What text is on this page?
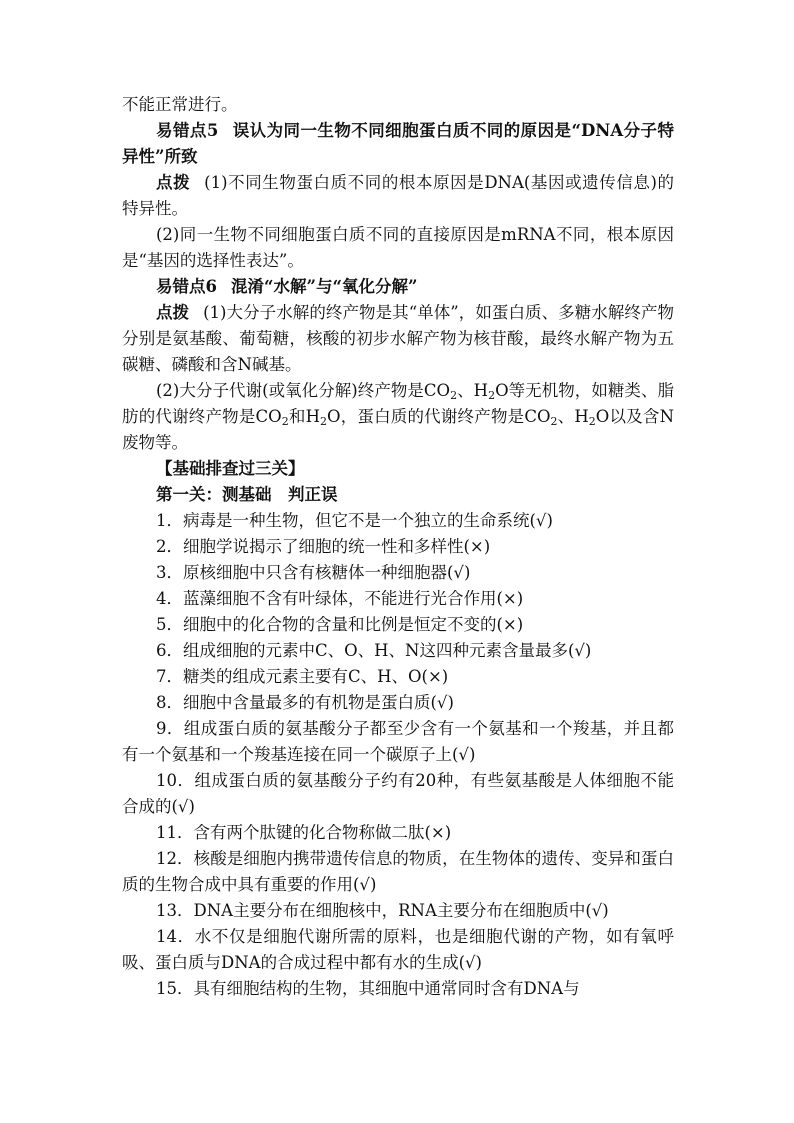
不能正常进行。

易错点5 误认为同一生物不同细胞蛋白质不同的原因是“DNA分子特异性”所致

点拨 (1)不同生物蛋白质不同的根本原因是DNA(基因或遗传信息)的特异性。

(2)同一生物不同细胞蛋白质不同的直接原因是mRNA不同，根本原因是“基因的选择性表达”。

易错点6 混淆“水解”与“氧化分解”

点拨 (1)大分子水解的终产物是其“单体”，如蛋白质、多糖水解终产物分别是氨基酸、葡萄糖，核酸的初步水解产物为核苷酸，最终水解产物为五碳糖、磷酸和含N碱基。

(2)大分子代谢(或氧化分解)终产物是$CO_2$、$H_2O$等无机物，如糖类、脂肪的代谢终产物是$CO_2$和$H_2O$，蛋白质的代谢终产物是$CO_2$、$H_2O$以及含N废物等。

【基础排查过三关】

第一关：测基础　判正误

1．病毒是一种生物，但它不是一个独立的生命系统(√)

2．细胞学说揭示了细胞的统一性和多样性(×)

3．原核细胞中只含有核糖体一种细胞器(√)

4．蓝藻细胞不含有叶绿体，不能进行光合作用(×)

5．细胞中的化合物的含量和比例是恒定不变的(×)

6．组成细胞的元素中C、O、H、N这四种元素含量最多(√)

7．糖类的组成元素主要有C、H、O(×)

8．细胞中含量最多的有机物是蛋白质(√)

9．组成蛋白质的氨基酸分子都至少含有一个氨基和一个羧基，并且都有一个氨基和一个羧基连接在同一个碳原子上(√)

10．组成蛋白质的氨基酸分子约有20种，有些氨基酸是人体细胞不能合成的(√)

11．含有两个肽键的化合物称做二肽(×)

12．核酸是细胞内携带遗传信息的物质，在生物体的遗传、变异和蛋白质的生物合成中具有重要的作用(√)

13．DNA主要分布在细胞核中，RNA主要分布在细胞质中(√)

14．水不仅是细胞代谢所需的原料，也是细胞代谢的产物，如有氧呼吸、蛋白质与DNA的合成过程中都有水的生成(√)

15．具有细胞结构的生物，其细胞中通常同时含有DNA与
